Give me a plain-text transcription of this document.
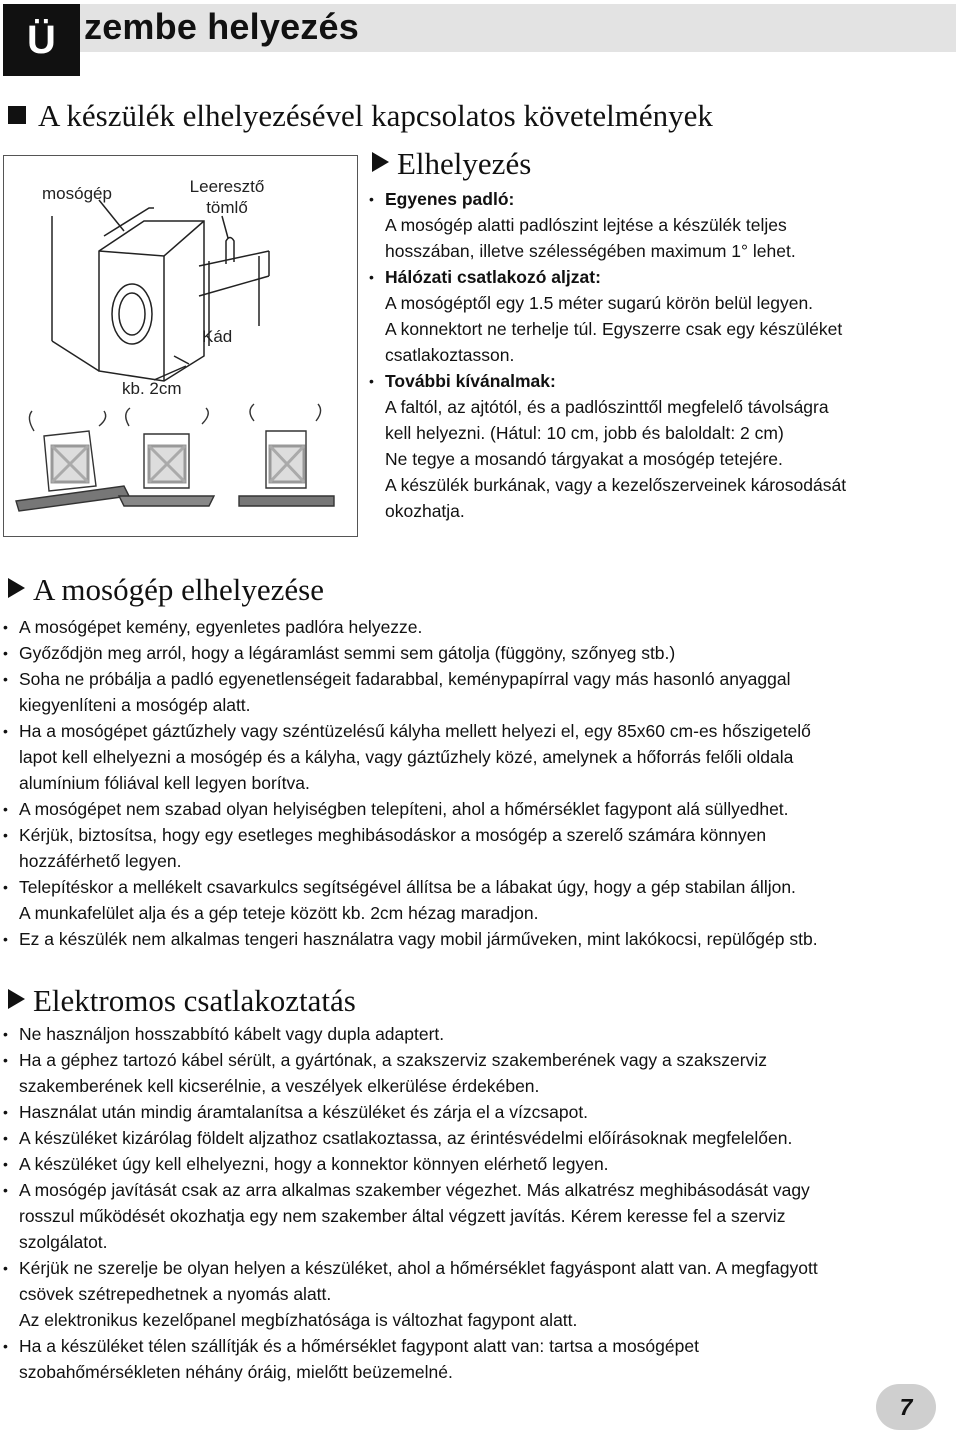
Ü zembe helyezés
A készülék elhelyezésével kapcsolatos követelmények
mosógép	Leeresztő
tömlő
Kád
kb. 2cm
Elhelyezés
• Egyenes padló:
A mosógép alatti padlószint lejtése a készülék teljes
hosszában, illetve szélességében maximum 1° lehet.
• Hálózati csatlakozó aljzat:
A mosógéptől egy 1.5 méter sugarú körön belül legyen.
A konnektort ne terhelje túl. Egyszerre csak egy készüléket
csatlakoztasson.
• További kívánalmak:
A faltól, az ajtótól, és a padlószinttől megfelelő távolságra
kell helyezni. (Hátul: 10 cm, jobb és baloldalt: 2 cm)
Ne tegye a mosandó tárgyakat a mosógép tetejére.
A készülék burkának, vagy a kezelőszerveinek károsodását
okozhatja.
A mosógép elhelyezése
• A mosógépet kemény, egyenletes padlóra helyezze.
• Győződjön meg arról, hogy a légáramlást semmi sem gátolja (függöny, szőnyeg stb.)
• Soha ne próbálja a padló egyenetlenségeit fadarabbal, keménypapírral vagy más hasonló anyaggal
kiegyenlíteni a mosógép alatt.
• Ha a mosógépet gáztűzhely vagy széntüzelésű kályha mellett helyezi el, egy 85x60 cm-es hőszigetelő
lapot kell elhelyezni a mosógép és a kályha, vagy gáztűzhely közé, amelynek a hőforrás felőli oldala
alumínium fóliával kell legyen borítva.
• A mosógépet nem szabad olyan helyiségben telepíteni, ahol a hőmérséklet fagypont alá süllyedhet.
• Kérjük, biztosítsa, hogy egy esetleges meghibásodáskor a mosógép a szerelő számára könnyen
hozzáférhető legyen.
• Telepítéskor a mellékelt csavarkulcs segítségével állítsa be a lábakat úgy, hogy a gép stabilan álljon.
A munkafelület alja és a gép teteje között kb. 2cm hézag maradjon.
• Ez a készülék nem alkalmas tengeri használatra vagy mobil járműveken, mint lakókocsi, repülőgép stb.
Elektromos csatlakoztatás
• Ne használjon hosszabbító kábelt vagy dupla adaptert.
• Ha a géphez tartozó kábel sérült, a gyártónak, a szakszerviz szakemberének vagy a szakszerviz
szakemberének kell kicserélnie, a veszélyek elkerülése érdekében.
• Használat után mindig áramtalanítsa a készüléket és zárja el a vízcsapot.
• A készüléket kizárólag földelt aljzathoz csatlakoztassa, az érintésvédelmi előírásoknak megfelelően.
• A készüléket úgy kell elhelyezni, hogy a konnektor könnyen elérhető legyen.
• A mosógép javítását csak az arra alkalmas szakember végezhet. Más alkatrész meghibásodását vagy
rosszul működését okozhatja egy nem szakember által végzett javítás. Kérem keresse fel a szerviz
szolgálatot.
• Kérjük ne szerelje be olyan helyen a készüléket, ahol a hőmérséklet fagyáspont alatt van. A megfagyott
csövek szétrepedhetnek a nyomás alatt.
Az elektronikus kezelőpanel megbízhatósága is változhat fagypont alatt.
• Ha a készüléket télen szállítják és a hőmérséklet fagypont alatt van: tartsa a mosógépet
szobahőmérsékleten néhány óráig, mielőtt beüzemelné.
7
